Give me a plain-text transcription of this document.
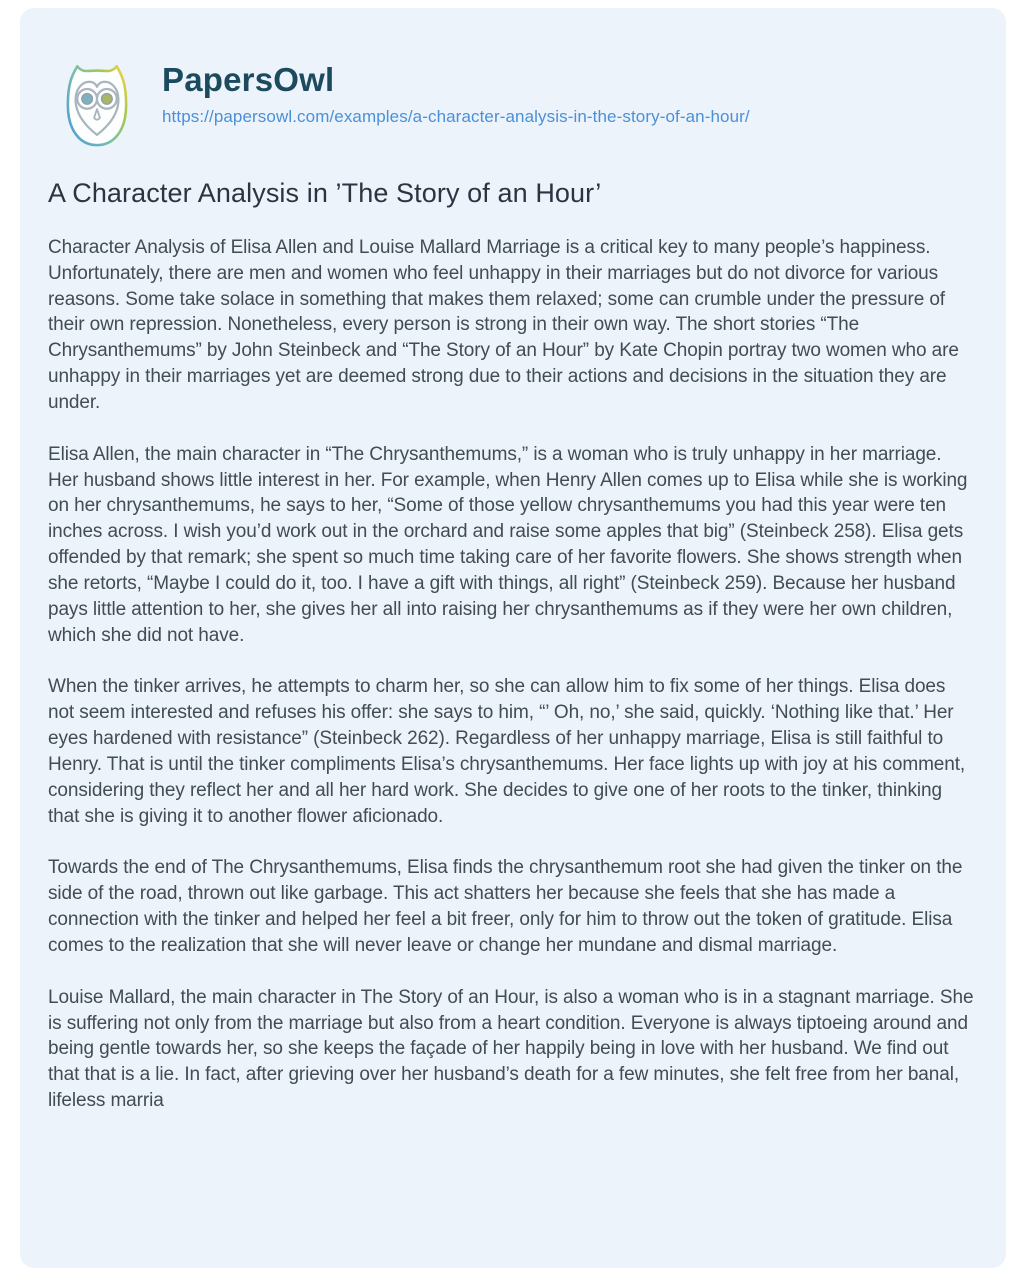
PapersOwl
https://papersowl.com/examples/a-character-analysis-in-the-story-of-an-hour/
A Character Analysis in ’The Story of an Hour’

Character Analysis of Elisa Allen and Louise Mallard Marriage is a critical key to many people’s happiness. Unfortunately, there are men and women who feel unhappy in their marriages but do not divorce for various reasons. Some take solace in something that makes them relaxed; some can crumble under the pressure of their own repression. Nonetheless, every person is strong in their own way. The short stories “The Chrysanthemums” by John Steinbeck and “The Story of an Hour” by Kate Chopin portray two women who are unhappy in their marriages yet are deemed strong due to their actions and decisions in the situation they are under.

Elisa Allen, the main character in “The Chrysanthemums,” is a woman who is truly unhappy in her marriage. Her husband shows little interest in her. For example, when Henry Allen comes up to Elisa while she is working on her chrysanthemums, he says to her, “Some of those yellow chrysanthemums you had this year were ten inches across. I wish you’d work out in the orchard and raise some apples that big” (Steinbeck 258). Elisa gets offended by that remark; she spent so much time taking care of her favorite flowers. She shows strength when she retorts, “Maybe I could do it, too. I have a gift with things, all right” (Steinbeck 259). Because her husband pays little attention to her, she gives her all into raising her chrysanthemums as if they were her own children, which she did not have.

When the tinker arrives, he attempts to charm her, so she can allow him to fix some of her things. Elisa does not seem interested and refuses his offer: she says to him, “’ Oh, no,’ she said, quickly. ‘Nothing like that.’ Her eyes hardened with resistance” (Steinbeck 262). Regardless of her unhappy marriage, Elisa is still faithful to Henry. That is until the tinker compliments Elisa’s chrysanthemums. Her face lights up with joy at his comment, considering they reflect her and all her hard work. She decides to give one of her roots to the tinker, thinking that she is giving it to another flower aficionado.

Towards the end of The Chrysanthemums, Elisa finds the chrysanthemum root she had given the tinker on the side of the road, thrown out like garbage. This act shatters her because she feels that she has made a connection with the tinker and helped her feel a bit freer, only for him to throw out the token of gratitude. Elisa comes to the realization that she will never leave or change her mundane and dismal marriage.

Louise Mallard, the main character in The Story of an Hour, is also a woman who is in a stagnant marriage. She is suffering not only from the marriage but also from a heart condition. Everyone is always tiptoeing around and being gentle towards her, so she keeps the façade of her happily being in love with her husband. We find out that that is a lie. In fact, after grieving over her husband’s death for a few minutes, she felt free from her banal, lifeless marria
